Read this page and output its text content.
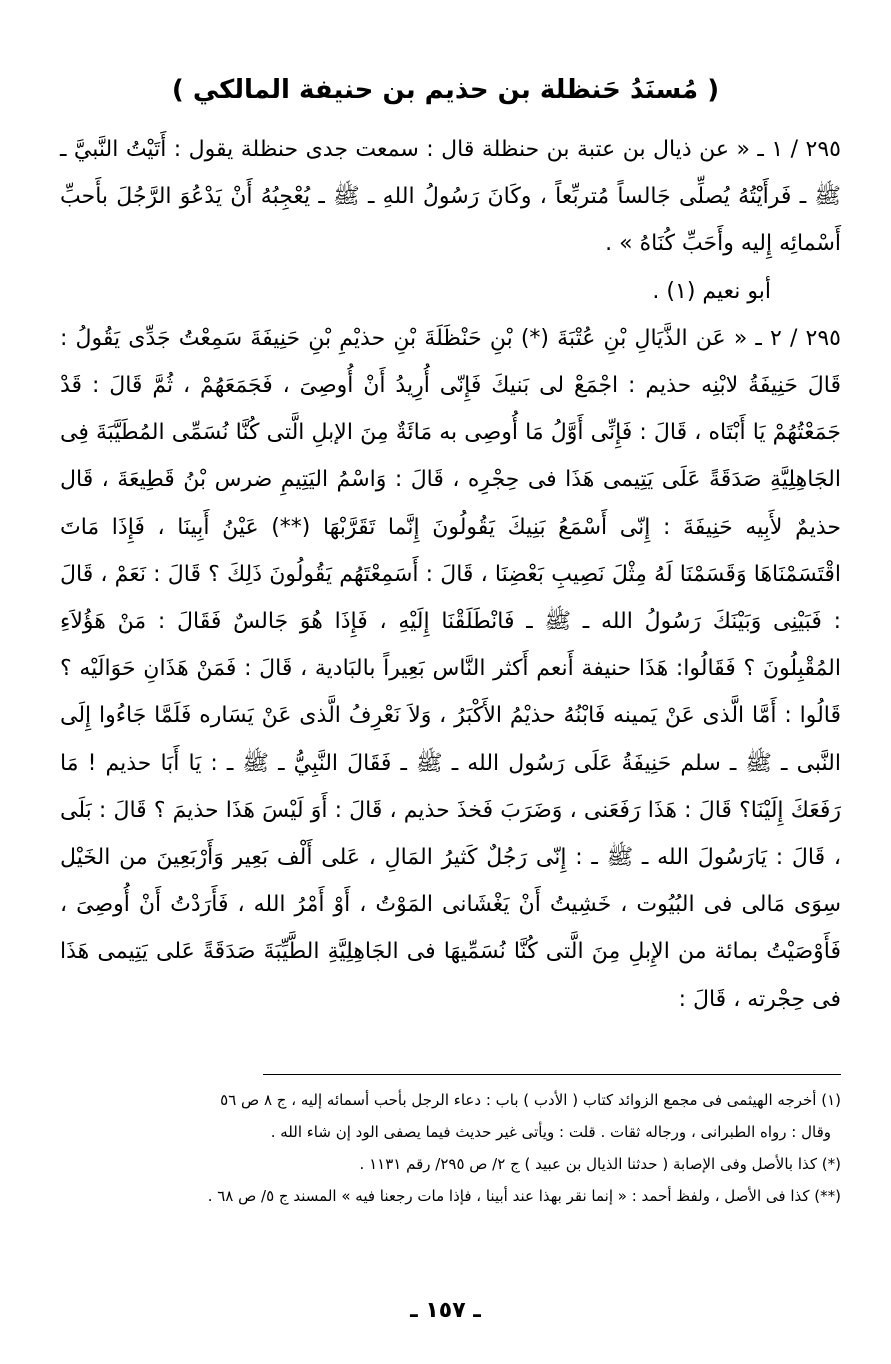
( مُسنَدُ حَنظلة بن حذيم بن حنيفة المالكي )

٢٩٥ / ١ ـ « عن ذيال بن عتبة بن حنظلة قال : سمعت جدى حنظلة يقول : أَتَيْتُ النَّبيَّ ـ ﷺ ـ فَرأَيْتُهُ يُصلِّى جَالساً مُتربِّعاً ، وكَانَ رَسُولُ اللهِ ـ ﷺ ـ يُعْجِبُهُ أَنْ يَدْعُوَ الرَّجُلَ بأَحبِّ أَسْمائِه إِليه وأَحَبِّ كُنَاهُ » .

أبو نعيم (١) .

٢٩٥ / ٢ ـ « عَن الذَّيَالِ بْنِ عُتْبَةَ (*) بْنِ حَنْظَلَةَ بْنِ حذيْمِ بْنِ حَنِيفَةَ سَمِعْتُ جَدِّى يَقُولُ : قَالَ حَنِيفَةُ لابْنِه حذيم : اجْمَعْ لى بَنيكَ فَإِنّى أُرِيدُ أَنْ أُوصِىَ ، فَجَمَعَهُمْ ، ثُمَّ قَالَ : قَدْ جَمَعْتُهُمْ يَا أَبْتَاه ، قَالَ : فَإِنِّى أَوَّلُ مَا أُوصِى به مَائَةٌ مِنَ الإبلِ الَّتى كُنَّا نُسَمِّى المُطَيَّبَةَ فِى الجَاهِلِيَّةِ صَدَقَةً عَلَى يَتِيمى هَذَا فى حِجْرِه ، قَالَ : وَاسْمُ اليَتِيمِ ضرس بْنُ قَطِيعَةَ ، قَال حذيمٌ لأَبِيه حَنِيفَةَ : إِنّى أَسْمَعُ بَنِيكَ يَقُولُونَ إِنَّما تَقَرَّبْهَا (**) عَيْنُ أَبِينَا ، فَإِذَا مَاتَ اقْتَسَمْنَاهَا وَقَسَمْنَا لَهُ مِثْلَ نَصِيبِ بَعْضِنَا ، قَالَ : أَسَمِعْتَهُم يَقُولُونَ ذَلِكَ ؟ قَالَ : نَعَمْ ، قَالَ : فَبَيْنِى وَبَيْنَكَ رَسُولُ الله ـ ﷺ ـ فَانْطَلَقْنَا إِلَيْهِ ، فَإِذَا هُوَ جَالسٌ فَقَالَ : مَنْ هَؤُلاَءِ المُقْبِلُونَ ؟ فَقَالُوا: هَذَا حنيفة أَنعم أَكثر النَّاس بَعِيراً بالبَادية ، قَالَ : فَمَنْ هَذَانِ حَوَالَيْه ؟ قَالُوا : أَمَّا الَّذى عَنْ يَمينه فَابْنُهُ حذيْمُ الأَكْبَرُ ، وَلاَ نَعْرِفُ الَّذى عَنْ يَسَاره فَلَمَّا جَاءُوا إِلَى النَّبى ـ ﷺ ـ سلم حَنِيفَةُ عَلَى رَسُول الله ـ ﷺ ـ فَقَالَ النَّبِيُّ ـ ﷺ ـ : يَا أَبَا حذيم ! مَا رَفَعَكَ إِلَيْنَا؟ قَالَ : هَذَا رَفَعَنى ، وَضَرَبَ فَخذَ حذيم ، قَالَ : أَوَ لَيْسَ هَذَا حذيمَ ؟ قَالَ : بَلَى ، قَالَ : يَارَسُولَ الله ـ ﷺ ـ : إِنّى رَجُلٌ كَثيرُ المَالِ ، عَلى أَلْف بَعِير وَأَرْبَعِينَ من الخَيْل سِوَى مَالى فى البُيُوت ، خَشِيتُ أَنْ يَغْشَانى المَوْتُ ، أَوْ أَمْرُ الله ، فَأَرَدْتُ أَنْ أُوصِىَ ، فَأَوْصَيْتُ بمائة من الإِبلِ مِنَ الَّتى كُنَّا نُسَمِّيهَا فى الجَاهِلِيَّةِ الطَّيِّبَةَ صَدَقَةً عَلى يَتِيمى هَذَا فى حِجْرته ، قَالَ :

(١) أخرجه الهيثمى فى مجمع الزوائد كتاب ( الأدب ) باب : دعاء الرجل بأحب أسمائه إليه ، ج ٨ ص ٥٦

وقال : رواه الطبرانى ، ورجاله ثقات . قلت : ويأتى غير حديث فيما يصفى الود إن شاء الله .

(*) كذا بالأصل وفى الإصابة ( حدثنا الذيال بن عبيد ) ج ٢/ ص ٢٩٥/ رقم ١١٣١ .

(**) كذا فى الأصل ، ولفظ أحمد : « إنما نقر بهذا عند أبينا ، فإذا مات رجعنا فيه » المسند ج ٥/ ص ٦٨ .

ـ ١٥٧ ـ
